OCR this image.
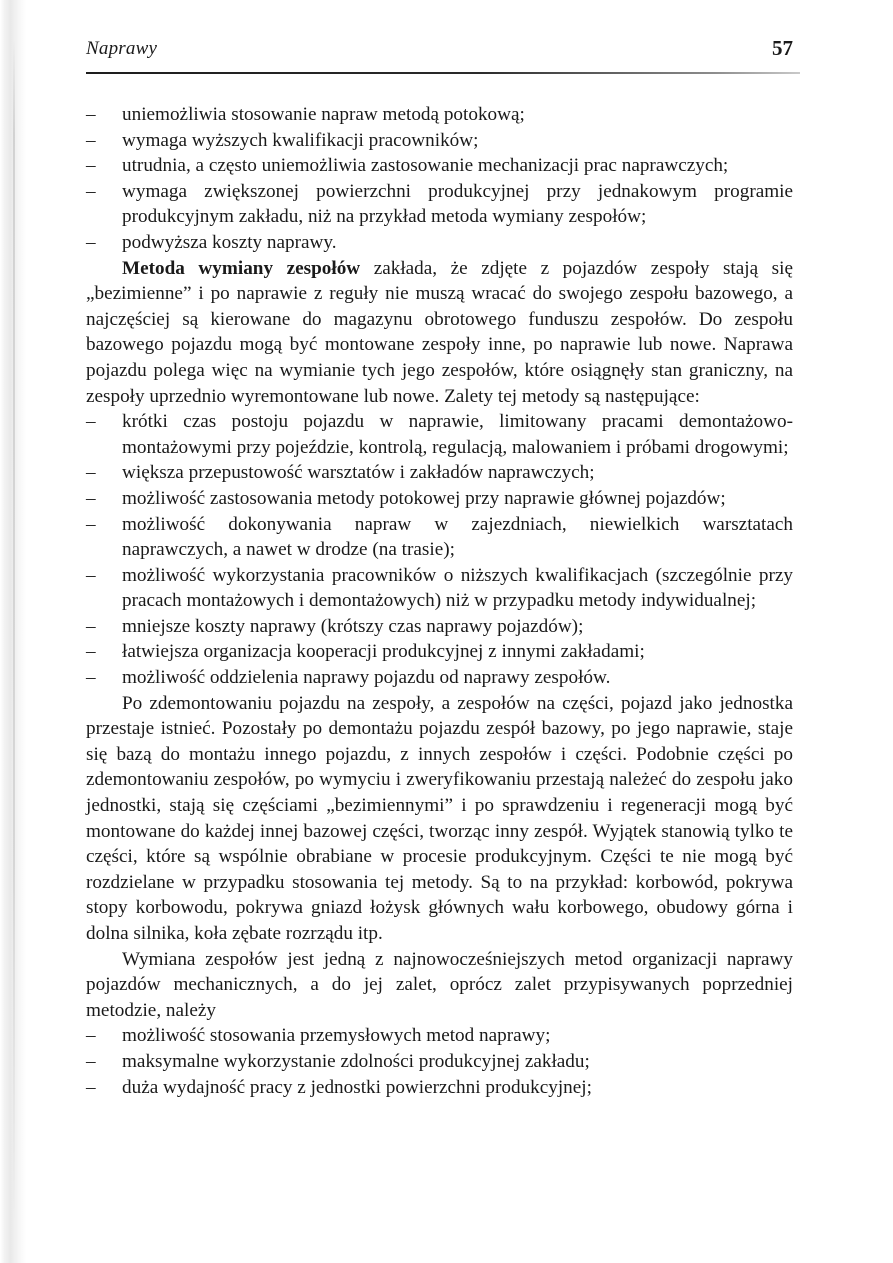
Naprawy	57
– uniemożliwia stosowanie napraw metodą potokową;
– wymaga wyższych kwalifikacji pracowników;
– utrudnia, a często uniemożliwia zastosowanie mechanizacji prac naprawczych;
– wymaga zwiększonej powierzchni produkcyjnej przy jednakowym programie produkcyjnym zakładu, niż na przykład metoda wymiany zespołów;
– podwyższa koszty naprawy.

Metoda wymiany zespołów zakłada, że zdjęte z pojazdów zespoły stają się „bezimienne” i po naprawie z reguły nie muszą wracać do swojego zespołu bazowego, a najczęściej są kierowane do magazynu obrotowego funduszu zespołów. Do zespołu bazowego pojazdu mogą być montowane zespoły inne, po naprawie lub nowe. Naprawa pojazdu polega więc na wymianie tych jego zespołów, które osiągnęły stan graniczny, na zespoły uprzednio wyremontowane lub nowe. Zalety tej metody są następujące:

– krótki czas postoju pojazdu w naprawie, limitowany pracami demontażowo-montażowymi przy pojeździe, kontrolą, regulacją, malowaniem i próbami drogowymi;
– większa przepustowość warsztatów i zakładów naprawczych;
– możliwość zastosowania metody potokowej przy naprawie głównej pojazdów;
– możliwość dokonywania napraw w zajezdniach, niewielkich warsztatach naprawczych, a nawet w drodze (na trasie);
– możliwość wykorzystania pracowników o niższych kwalifikacjach (szczególnie przy pracach montażowych i demontażowych) niż w przypadku metody indywidualnej;
– mniejsze koszty naprawy (krótszy czas naprawy pojazdów);
– łatwiejsza organizacja kooperacji produkcyjnej z innymi zakładami;
– możliwość oddzielenia naprawy pojazdu od naprawy zespołów.

Po zdemontowaniu pojazdu na zespoły, a zespołów na części, pojazd jako jednostka przestaje istnieć. Pozostały po demontażu pojazdu zespół bazowy, po jego naprawie, staje się bazą do montażu innego pojazdu, z innych zespołów i części. Podobnie części po zdemontowaniu zespołów, po wymyciu i zweryfikowaniu przestają należeć do zespołu jako jednostki, stają się częściami „bezimiennymi” i po sprawdzeniu i regeneracji mogą być montowane do każdej innej bazowej części, tworząc inny zespół. Wyjątek stanowią tylko te części, które są wspólnie obrabiane w procesie produkcyjnym. Części te nie mogą być rozdzielane w przypadku stosowania tej metody. Są to na przykład: korbowód, pokrywa stopy korbowodu, pokrywa gniazd łożysk głównych wału korbowego, obudowy górna i dolna silnika, koła zębate rozrządu itp.

Wymiana zespołów jest jedną z najnowocześniejszych metod organizacji naprawy pojazdów mechanicznych, a do jej zalet, oprócz zalet przypisywanych poprzedniej metodzie, należy

– możliwość stosowania przemysłowych metod naprawy;
– maksymalne wykorzystanie zdolności produkcyjnej zakładu;
– duża wydajność pracy z jednostki powierzchni produkcyjnej;
